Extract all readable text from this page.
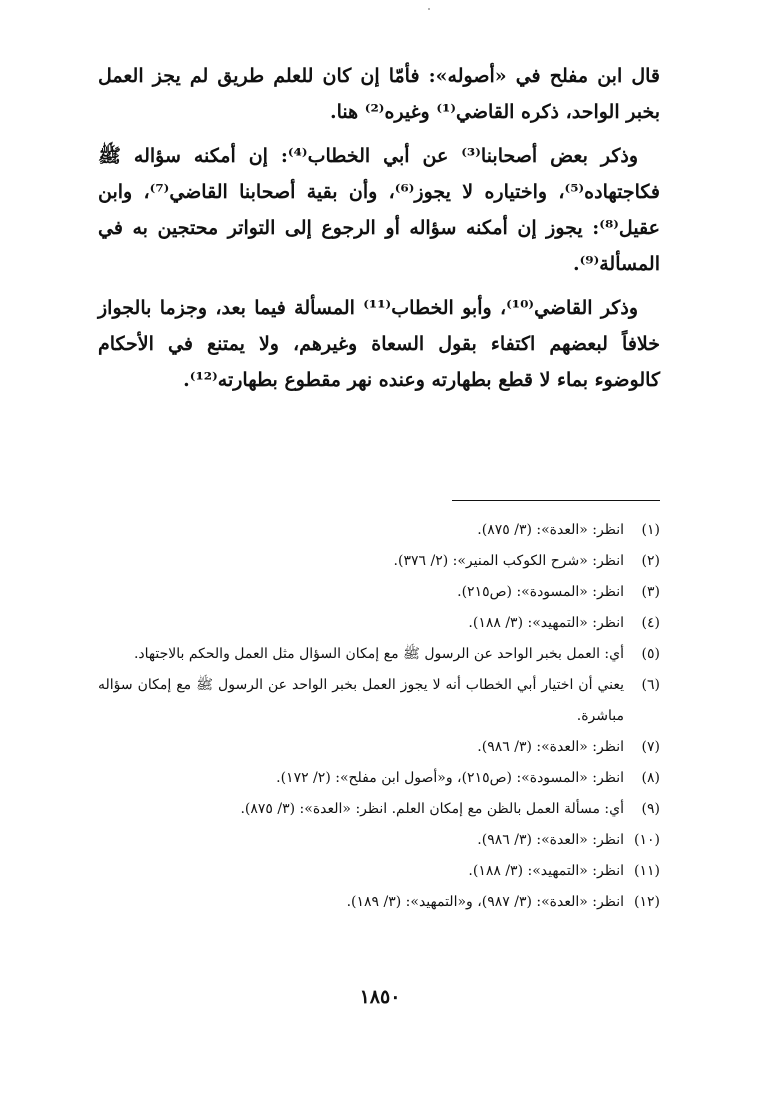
قال ابن مفلح في «أصوله»: فأمّا إن كان للعلم طريق لم يجز العمل بخبر الواحد، ذكره القاضي⁽¹⁾ وغيره⁽²⁾ هنا.

وذكر بعض أصحابنا⁽³⁾ عن أبي الخطاب⁽⁴⁾: إن أمكنه سؤاله ﷺ فكاجتهاده⁽⁵⁾، واختياره لا يجوز⁽⁶⁾، وأن بقية أصحابنا القاضي⁽⁷⁾، وابن عقيل⁽⁸⁾: يجوز إن أمكنه سؤاله أو الرجوع إلى التواتر محتجين به في المسألة⁽⁹⁾.

وذكر القاضي⁽¹⁰⁾، وأبو الخطاب⁽¹¹⁾ المسألة فيما بعد، وجزما بالجواز خلافاً لبعضهم اكتفاء بقول السعاة وغيرهم، ولا يمتنع في الأحكام كالوضوء بماء لا قطع بطهارته وعنده نهر مقطوع بطهارته⁽¹²⁾.

(١)
انظر: «العدة»: (٣/ ٨٧٥).
(٢)
انظر: «شرح الكوكب المنير»: (٢/ ٣٧٦).
(٣)
انظر: «المسودة»: (ص٢١٥).
(٤)
انظر: «التمهيد»: (٣/ ١٨٨).
(٥)
أي: العمل بخبر الواحد عن الرسول ﷺ مع إمكان السؤال مثل العمل والحكم بالاجتهاد.
(٦)
يعني أن اختيار أبي الخطاب أنه لا يجوز العمل بخبر الواحد عن الرسول ﷺ مع إمكان سؤاله مباشرة.
(٧)
انظر: «العدة»: (٣/ ٩٨٦).
(٨)
انظر: «المسودة»: (ص٢١٥)، و«أصول ابن مفلح»: (٢/ ١٧٢).
(٩)
أي: مسألة العمل بالظن مع إمكان العلم. انظر: «العدة»: (٣/ ٨٧٥).
(١٠)
انظر: «العدة»: (٣/ ٩٨٦).
(١١)
انظر: «التمهيد»: (٣/ ١٨٨).
(١٢)
انظر: «العدة»: (٣/ ٩٨٧)، و«التمهيد»: (٣/ ١٨٩).
١٨٥٠
